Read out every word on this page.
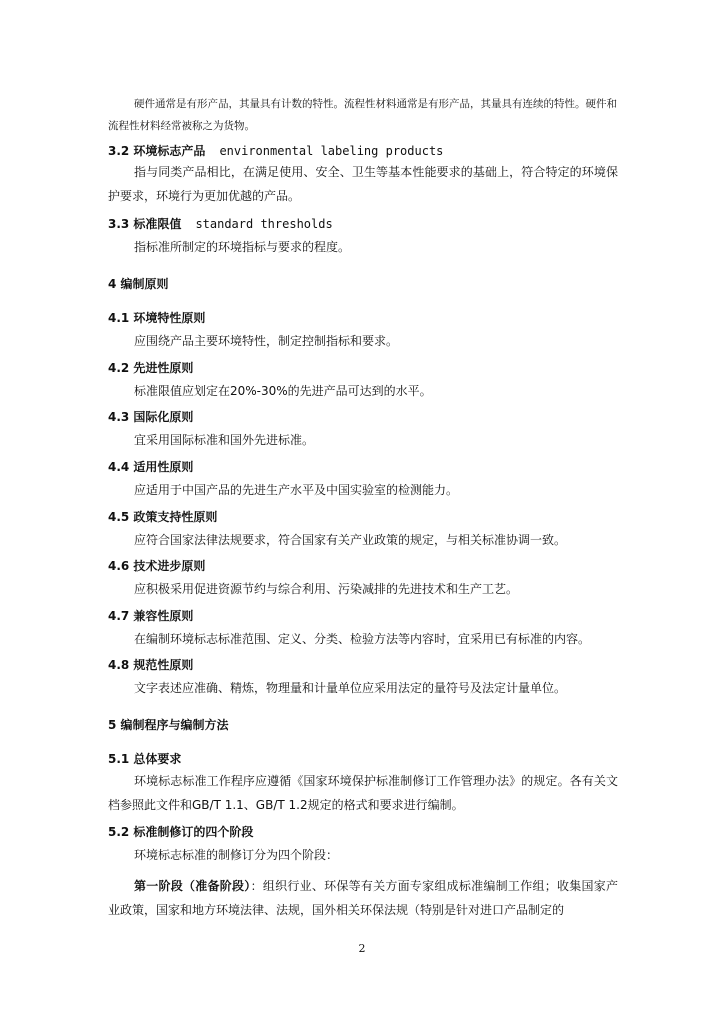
硬件通常是有形产品，其量具有计数的特性。流程性材料通常是有形产品，其量具有连续的特性。硬件和流程性材料经常被称之为货物。

3.2 环境标志产品 environmental labeling products

指与同类产品相比，在满足使用、安全、卫生等基本性能要求的基础上，符合特定的环境保护要求，环境行为更加优越的产品。

3.3 标准限值 standard thresholds

指标准所制定的环境指标与要求的程度。

4 编制原则
4.1 环境特性原则

应围绕产品主要环境特性，制定控制指标和要求。

4.2 先进性原则

标准限值应划定在20%-30%的先进产品可达到的水平。

4.3 国际化原则

宜采用国际标准和国外先进标准。

4.4 适用性原则

应适用于中国产品的先进生产水平及中国实验室的检测能力。

4.5 政策支持性原则

应符合国家法律法规要求，符合国家有关产业政策的规定，与相关标准协调一致。

4.6 技术进步原则

应积极采用促进资源节约与综合利用、污染减排的先进技术和生产工艺。

4.7 兼容性原则

在编制环境标志标准范围、定义、分类、检验方法等内容时，宜采用已有标准的内容。

4.8 规范性原则

文字表述应准确、精炼，物理量和计量单位应采用法定的量符号及法定计量单位。

5 编制程序与编制方法
5.1 总体要求

环境标志标准工作程序应遵循《国家环境保护标准制修订工作管理办法》的规定。各有关文档参照此文件和GB/T 1.1、GB/T 1.2规定的格式和要求进行编制。

5.2 标准制修订的四个阶段

环境标志标准的制修订分为四个阶段：

第一阶段（准备阶段）：组织行业、环保等有关方面专家组成标准编制工作组；收集国家产业政策，国家和地方环境法律、法规，国外相关环保法规（特别是针对进口产品制定的

2
